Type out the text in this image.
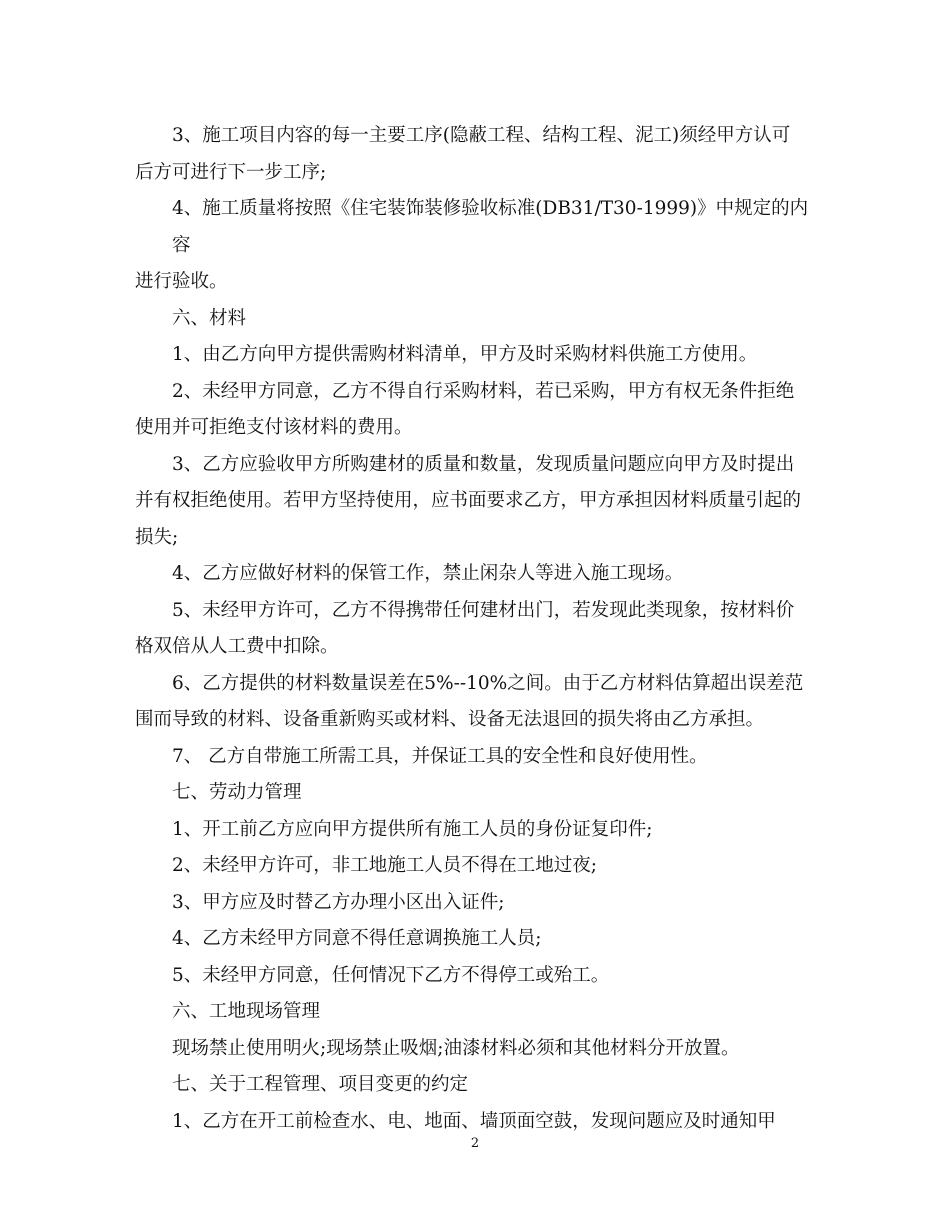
3、施工项目内容的每一主要工序(隐蔽工程、结构工程、泥工)须经甲方认可
后方可进行下一步工序;
4、施工质量将按照《住宅装饰装修验收标准(DB31/T30-1999)》中规定的内容
进行验收。
六、材料
1、由乙方向甲方提供需购材料清单，甲方及时采购材料供施工方使用。
2、未经甲方同意，乙方不得自行采购材料，若已采购，甲方有权无条件拒绝
使用并可拒绝支付该材料的费用。
3、乙方应验收甲方所购建材的质量和数量，发现质量问题应向甲方及时提出
并有权拒绝使用。若甲方坚持使用，应书面要求乙方，甲方承担因材料质量引起的
损失;
4、乙方应做好材料的保管工作，禁止闲杂人等进入施工现场。
5、未经甲方许可，乙方不得携带任何建材出门，若发现此类现象，按材料价
格双倍从人工费中扣除。
6、乙方提供的材料数量误差在5%--10%之间。由于乙方材料估算超出误差范
围而导致的材料、设备重新购买或材料、设备无法退回的损失将由乙方承担。
7、 乙方自带施工所需工具，并保证工具的安全性和良好使用性。
七、劳动力管理
1、开工前乙方应向甲方提供所有施工人员的身份证复印件;
2、未经甲方许可，非工地施工人员不得在工地过夜;
3、甲方应及时替乙方办理小区出入证件;
4、乙方未经甲方同意不得任意调换施工人员;
5、未经甲方同意，任何情况下乙方不得停工或殆工。
六、工地现场管理
现场禁止使用明火;现场禁止吸烟;油漆材料必须和其他材料分开放置。
七、关于工程管理、项目变更的约定
1、乙方在开工前检查水、电、地面、墙顶面空鼓，发现问题应及时通知甲
2
